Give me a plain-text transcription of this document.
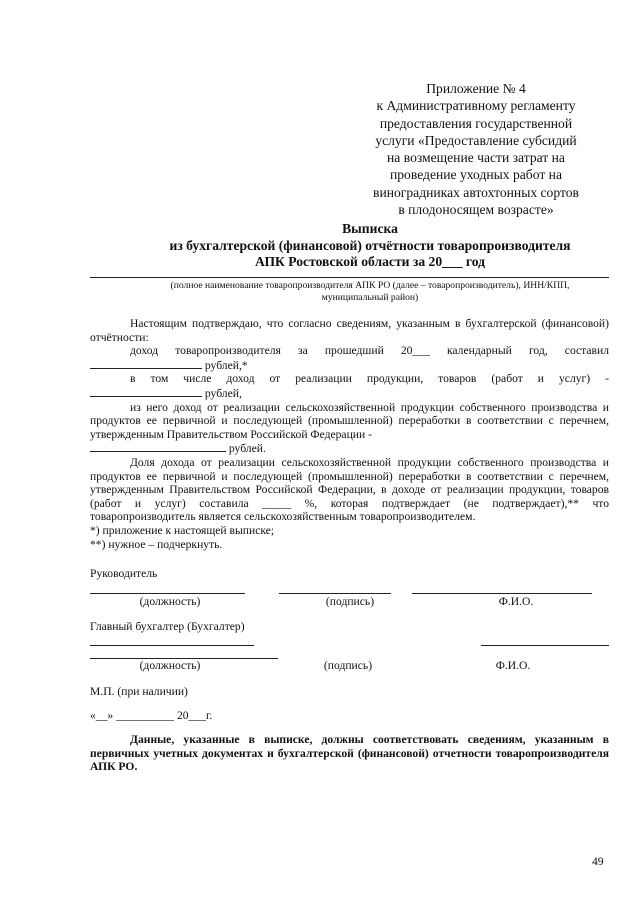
Приложение № 4
к Административному регламенту
предоставления государственной
услуги «Предоставление субсидий
на возмещение части затрат на
проведение уходных работ на
виноградниках автохтонных сортов
в плодоносящем возрасте»
Выписка
из бухгалтерской (финансовой) отчётности товаропроизводителя
АПК Ростовской области за 20___ год
(полное наименование товаропроизводителя АПК РО (далее – товаропроизводитель), ИНН/КПП,
муниципальный район)

Настоящим подтверждаю, что согласно сведениям, указанным в бухгалтерской (финансовой) отчётности:

доход товаропроизводителя за прошедший 20___ календарный год, составил

рублей,*

в том числе доход от реализации продукции, товаров (работ и услуг) -

рублей,

из него доход от реализации сельскохозяйственной продукции собственного производства и продуктов ее первичной и последующей (промышленной) переработки в соответствии с перечнем, утвержденным Правительством Российской Федерации -

рублей.

Доля дохода от реализации сельскохозяйственной продукции собственного производства и продуктов ее первичной и последующей (промышленной) переработки в соответствии с перечнем, утвержденным Правительством Российской Федерации, в доходе от реализации продукции, товаров (работ и услуг) составила _____ %, которая подтверждает (не подтверждает),** что товаропроизводитель является сельскохозяйственным товаропроизводителем.

*) приложение к настоящей выписке;

**) нужное – подчеркнуть.

Руководитель
(должность)	(подпись)	Ф.И.О.
Главный бухгалтер (Бухгалтер)
(должность)	(подпись)	Ф.И.О.
М.П. (при наличии)
«__» __________ 20___г.

Данные, указанные в выписке, должны соответствовать сведениям, указанным в первичных учетных документах и бухгалтерской (финансовой) отчетности товаропроизводителя АПК РО.

49
